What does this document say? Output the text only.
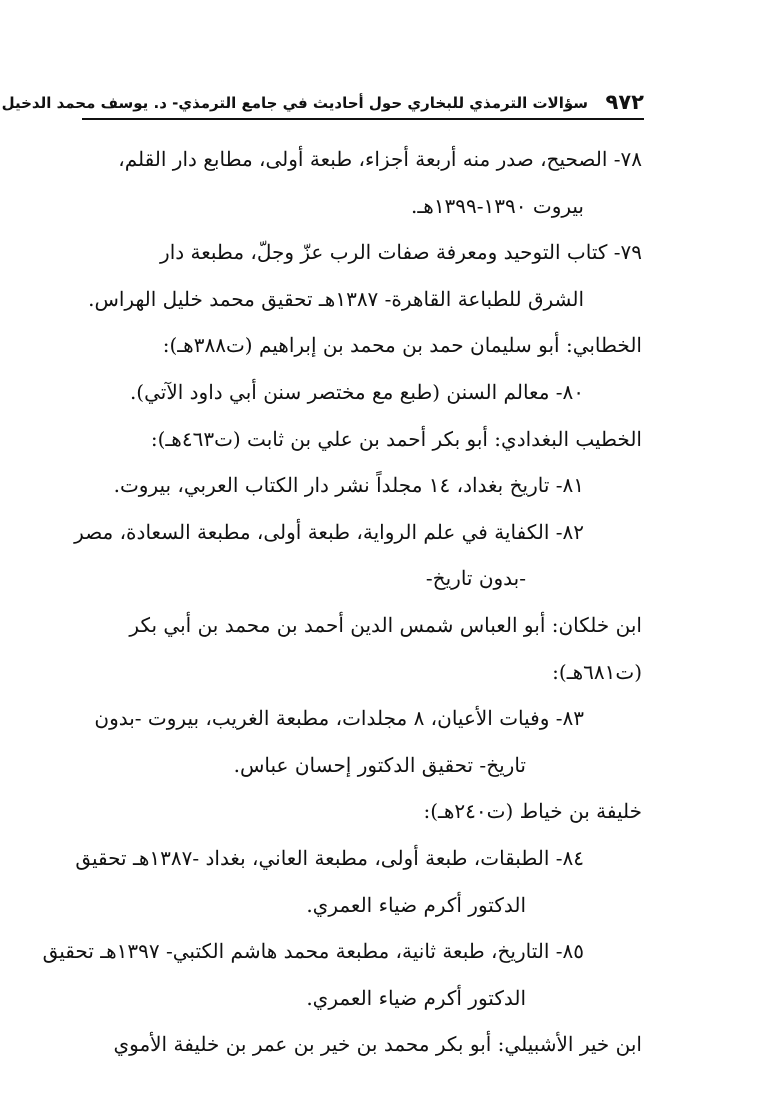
٩٧٢
سؤالات الترمذي للبخاري حول أحاديث في جامع الترمذي- د. يوسف محمد الدخيل

٧٨- الصحيح، صدر منه أربعة أجزاء، طبعة أولى، مطابع دار القلم،

بيروت ١٣٩٠-١٣٩٩هـ.

٧٩- كتاب التوحيد ومعرفة صفات الرب عزّ وجلّ، مطبعة دار

الشرق للطباعة القاهرة- ١٣٨٧هـ تحقيق محمد خليل الهراس.

الخطابي: أبو سليمان حمد بن محمد بن إبراهيم (ت٣٨٨هـ):

٨٠- معالم السنن (طبع مع مختصر سنن أبي داود الآتي).

الخطيب البغدادي: أبو بكر أحمد بن علي بن ثابت (ت٤٦٣هـ):

٨١- تاريخ بغداد، ١٤ مجلداً نشر دار الكتاب العربي، بيروت.

٨٢- الكفاية في علم الرواية، طبعة أولى، مطبعة السعادة، مصر

-بدون تاريخ-

ابن خلكان: أبو العباس شمس الدين أحمد بن محمد بن أبي بكر

(ت٦٨١هـ):

٨٣- وفيات الأعيان، ٨ مجلدات، مطبعة الغريب، بيروت -بدون

تاريخ- تحقيق الدكتور إحسان عباس.

خليفة بن خياط (ت٢٤٠هـ):

٨٤- الطبقات، طبعة أولى، مطبعة العاني، بغداد -١٣٨٧هـ تحقيق

الدكتور أكرم ضياء العمري.

٨٥- التاريخ، طبعة ثانية، مطبعة محمد هاشم الكتبي- ١٣٩٧هـ تحقيق

الدكتور أكرم ضياء العمري.

ابن خير الأشبيلي: أبو بكر محمد بن خير بن عمر بن خليفة الأموي
